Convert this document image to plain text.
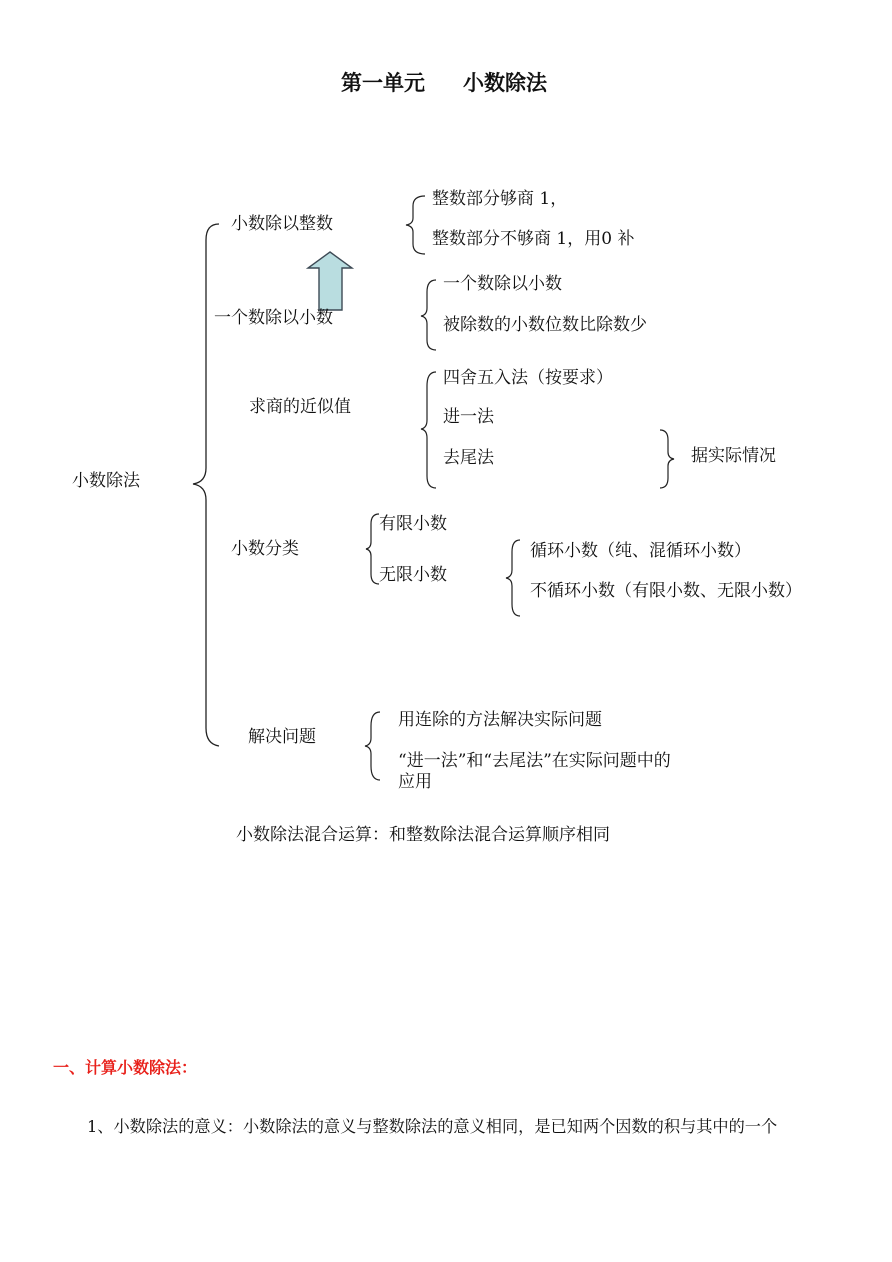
第一单元 小数除法
小数除法
小数除以整数
整数部分够商 1，
整数部分不够商 1，用0 补
一个数除以小数
一个数除以小数
被除数的小数位数比除数少
求商的近似值
四舍五入法（按要求）
进一法
去尾法	据实际情况
小数分类
有限小数
无限小数
循环小数（纯、混循环小数）
不循环小数（有限小数、无限小数）
解决问题
用连除的方法解决实际问题
“进一法”和“去尾法”在实际问题中的
应用
小数除法混合运算：和整数除法混合运算顺序相同
一、计算小数除法：
1、小数除法的意义：小数除法的意义与整数除法的意义相同，是已知两个因数的积与其中的一个
